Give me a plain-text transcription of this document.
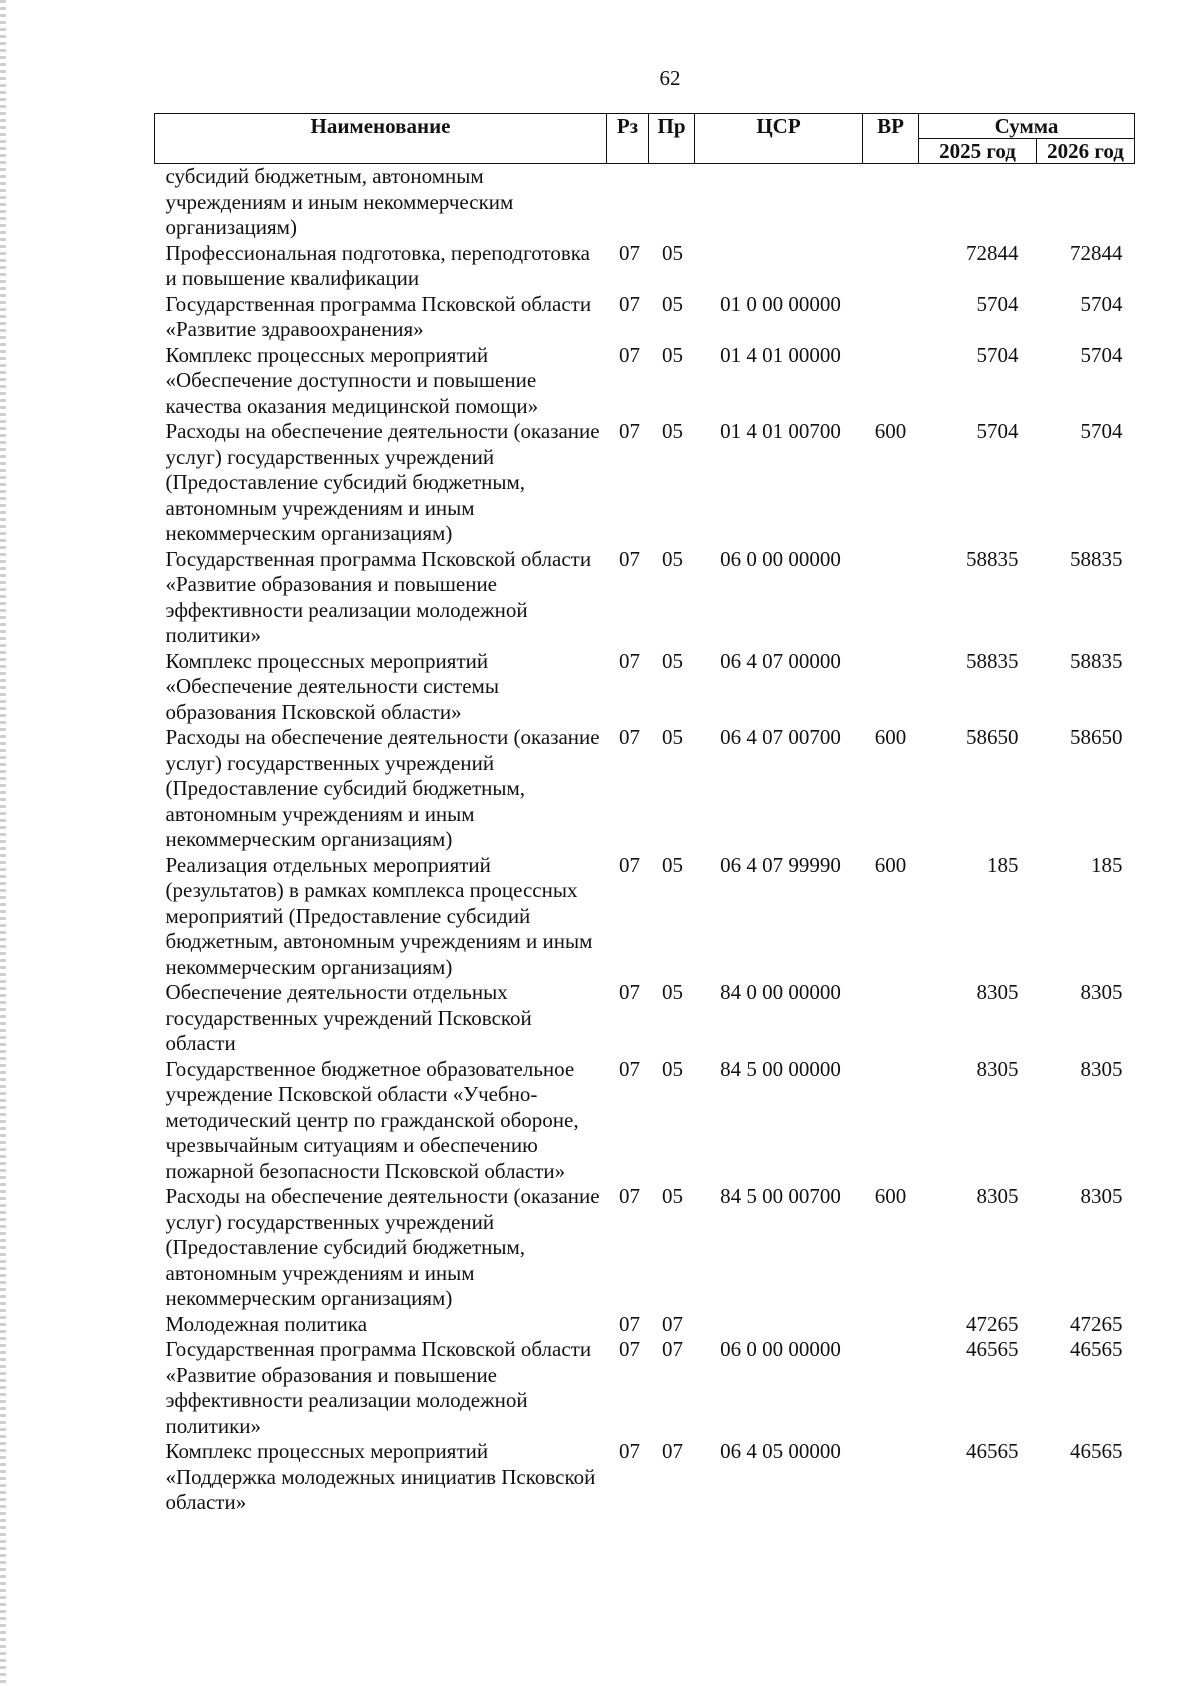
62
Наименование	Рз	Пр	ЦСР	ВР	Сумма	
					2025 год	2026 год
субсидий бюджетным, автономным учреждениям и иным некоммерческим организациям)						
Профессиональная подготовка, переподготовка и повышение квалификации	07	05			72844	72844
Государственная программа Псковской области «Развитие здравоохранения»	07	05	01 0 00 00000		5704	5704
Комплекс процессных мероприятий «Обеспечение доступности и повышение качества оказания медицинской помощи»	07	05	01 4 01 00000		5704	5704
Расходы на обеспечение деятельности (оказание услуг) государственных учреждений (Предоставление субсидий бюджетным, автономным учреждениям и иным некоммерческим организациям)	07	05	01 4 01 00700	600	5704	5704
Государственная программа Псковской области «Развитие образования и повышение эффективности реализации молодежной политики»	07	05	06 0 00 00000		58835	58835
Комплекс процессных мероприятий «Обеспечение деятельности системы образования Псковской области»	07	05	06 4 07 00000		58835	58835
Расходы на обеспечение деятельности (оказание услуг) государственных учреждений (Предоставление субсидий бюджетным, автономным учреждениям и иным некоммерческим организациям)	07	05	06 4 07 00700	600	58650	58650
Реализация отдельных мероприятий (результатов) в рамках комплекса процессных мероприятий (Предоставление субсидий бюджетным, автономным учреждениям и иным некоммерческим организациям)	07	05	06 4 07 99990	600	185	185
Обеспечение деятельности отдельных государственных учреждений Псковской области	07	05	84 0 00 00000		8305	8305
Государственное бюджетное образовательное учреждение Псковской области «Учебно-методический центр по гражданской обороне, чрезвычайным ситуациям и обеспечению пожарной безопасности Псковской области»	07	05	84 5 00 00000		8305	8305
Расходы на обеспечение деятельности (оказание услуг) государственных учреждений (Предоставление субсидий бюджетным, автономным учреждениям и иным некоммерческим организациям)	07	05	84 5 00 00700	600	8305	8305
Молодежная политика	07	07			47265	47265
Государственная программа Псковской области «Развитие образования и повышение эффективности реализации молодежной политики»	07	07	06 0 00 00000		46565	46565
Комплекс процессных мероприятий «Поддержка молодежных инициатив Псковской области»	07	07	06 4 05 00000		46565	46565
